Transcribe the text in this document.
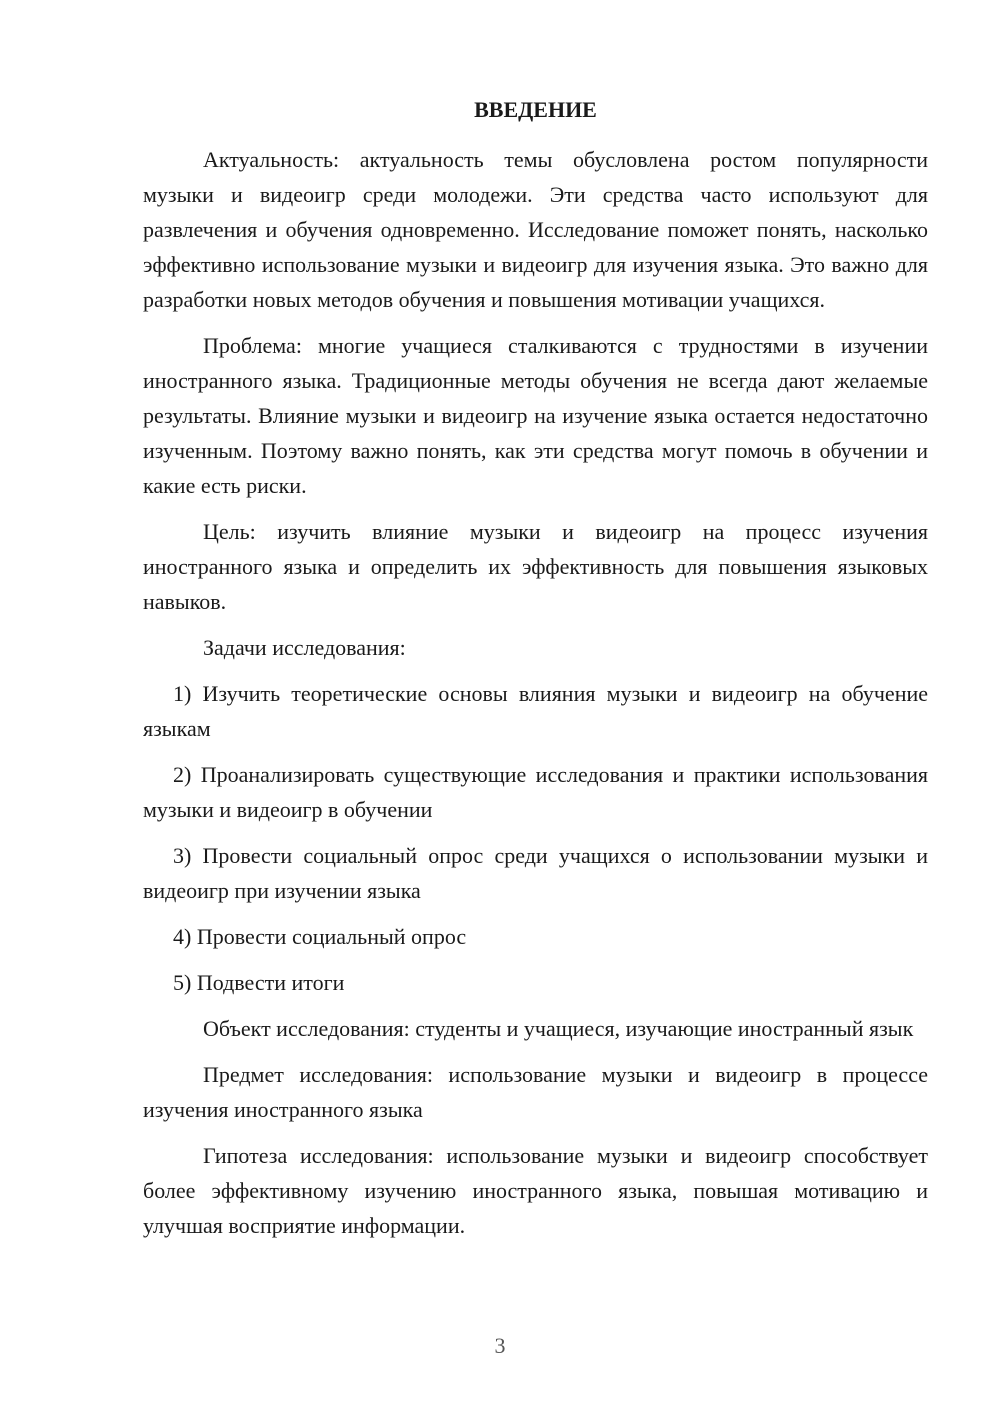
ВВЕДЕНИЕ

Актуальность: актуальность темы обусловлена ростом популярности музыки и видеоигр среди молодежи. Эти средства часто используют для развлечения и обучения одновременно. Исследование поможет понять, насколько эффективно использование музыки и видеоигр для изучения языка. Это важно для разработки новых методов обучения и повышения мотивации учащихся.

Проблема: многие учащиеся сталкиваются с трудностями в изучении иностранного языка. Традиционные методы обучения не всегда дают желаемые результаты. Влияние музыки и видеоигр на изучение языка остается недостаточно изученным. Поэтому важно понять, как эти средства могут помочь в обучении и какие есть риски.

Цель: изучить влияние музыки и видеоигр на процесс изучения иностранного языка и определить их эффективность для повышения языковых навыков.

Задачи исследования:

1) Изучить теоретические основы влияния музыки и видеоигр на обучение языкам

2) Проанализировать существующие исследования и практики использования музыки и видеоигр в обучении

3) Провести социальный опрос среди учащихся о использовании музыки и видеоигр при изучении языка

4) Провести социальный опрос

5) Подвести итоги

Объект исследования: студенты и учащиеся, изучающие иностранный язык

Предмет исследования: использование музыки и видеоигр в процессе изучения иностранного языка

Гипотеза исследования: использование музыки и видеоигр способствует более эффективному изучению иностранного языка, повышая мотивацию и улучшая восприятие информации.

3
